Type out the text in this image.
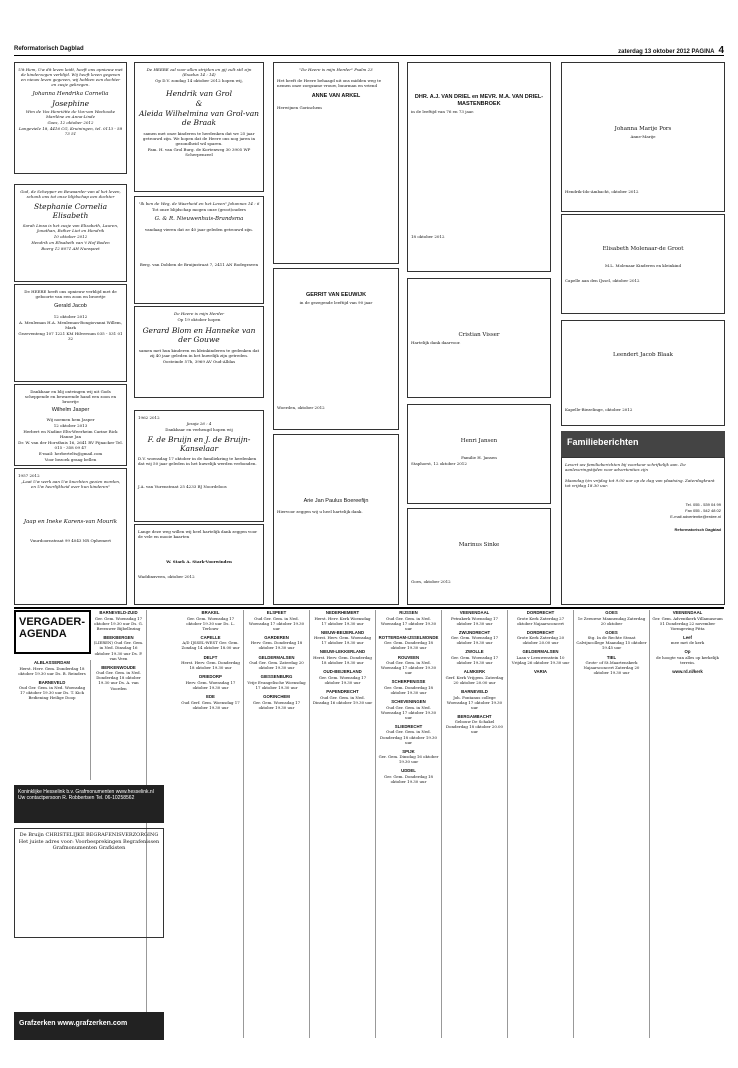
Reformatorisch Dagblad	zaterdag 13 oktober 2012 PAGINA 4

Uit Hem, Uw dit leven leidt, heeft ons opnieuw met de kinderzegen verblijd. Wij heeft leven gegeven en nieuw leven gegeven, wij hebben een dochter en zusje gekregen.

Johanna Hendrika Cornelia

Josephine

Wim de Vos Henriëtte de Vos-van Wachooke Marilène en Anna-Linde

Goes, 12 oktober 2012

Langeviele 18, 4416 CG, Kruiningen, tel. 0113 - 58 73 51

God, de Schepper en Bewaarder van al het leven, schonk ons tot onze blijdschap een dochter

Stephanie Cornelia Elisabeth

Sarah Linsa is het zusje van Elizabeth, Lauren, Jonathan, Esther Liet en Hendrik

10 oktober 2012

Hendrik en Elisabeth van 't Hof Boden

Boerg 12 8071 AH Nunspeet

De HEERE heeft ons opnieuw verblijd met de geboorte van een zoon en broertje

Gerald Jacob

12 oktober 2012

A. Meuleman H.A. Meuleman-Bongiovanni Willem, Mark

Gezeventeng 107 1221 KM Hilversum 035 - 531 01 32

Dankbaar en blij ontvingen wij uit Gods scheppende en bewarende hand een zoon en broertje

Wilhelm Jasper

Wij noemen hem Jasper

12 oktober 2013

Herbert en Nadine Elts-Weerheim Carine Rick Hanne Jan

Dr. W. van der Horsthuis 16, 2641 RV Pijnacker Tel. 015 - 358 09 47

E-mail: herbertelts@gmail.com

Voor bezoek graag bellen

1957 2012

„Laat Uw werk aan Uw knechten gezien worden, en Uw heerlijkheid over hun kinderen"

Jaap en Ineke Karens-van Mourik

Vuurdoornstraat 99 4043 NR Ophemert

De HEERE zal voor allen strijden en gij zult stil zijn (Exodus 14 : 14)

Op D.V. zondag 14 oktober 2012 hopen wij,

Hendrik van Grol

&

Aleida Wilhelmina van Grol-van de Braak

samen met onze kinderen te herdenken dat we 25 jaar getrouwd zijn. We hopen dat de Heere ons nog jaren in gezondheid wil sparen.

Fam. H. van Grol Burg. de Kortenweg 30 3905 WP Scherpenzeel

"Ik ben de Weg, de Waarheid en het Leven" Johannes 14 : 6

Tot onze blijdschap mogen onze (groot)ouders

G. & R. Nieuwenhuis-Brandsma

vandaag vieren dat ze 40 jaar geleden getrouwd zijn.

Berg. van Dobben de Bruijnstraat 7, 2411 AN Bodegraven

De Heere is mijn Herder

Op 19 oktober hopen

Gerard Blom en Hanneke van der Gouwe

samen met hun kinderen en kleinkinderen te gedenken dat zij 40 jaar geleden in het huwelijk zijn getreden.

Oosteinde 57b, 3969 AV Oud-Alblas

1962 2012

Jesaja 26 : 4

Dankbaar en verheugd hopen wij

F. de Bruijn en J. de Bruijn-Kanselaar

D.V. woensdag 17 oktober in de familiekring te herdenken dat wij 50 jaar geleden in het huwelijk werden verbonden.

J.A. van Vurenstraat 25 4233 BJ Noordeloos

Lange deze weg willen wij heel hartelijk dank zeggen voor de vele en mooie kaarten

W. Stark A. Stark-Voorwinden

Waddinxveen, oktober 2012

"De Heere is mijn Herder" Psalm 23

Het heeft de Heere behaagd uit ons midden weg te nemen onze zorgzame vrouw, buurman en vriend

ANNE VAN ARKEL

Herwijnen Gorinchem

GERRIT VAN EEUWIJK

in de gezegende leeftijd van 90 jaar

Woerden, oktober 2012

Arie Jan Paulus Boereefijn

Hiervoor zeggen wij u heel hartelijk dank.

DHR. A.J. VAN DRIEL en MEVR. M.A. VAN DRIEL-MASTENBROEK

in de leeftijd van 76 en 73 jaar.

18 oktober 2012

Cristian Visser

Hartelijk dank daarvoor.

Henri Jansen

Familie H. Jansen

Staphorst, 12 oktober 2012

Marinus Sinke

Goes, oktober 2012

Johanna Marije Pors

Anne-Marije

Hendrik-Ido-Ambacht, oktober 2012

Elisabeth Molenaar-de Groot

M.L. Molenaar Kinderen en kleinkind

Capelle aan den IJssel, oktober 2012

Leendert Jacob Blaak

Kapelle-Biezelinge, oktober 2012

Familieberichten

Levert uw familieberichten bij voorkeur schriftelijk aan. De aanleveringstijden voor advertenties zijn

Maandag t/m vrijdag tot 9.00 uur op de dag van plaatsing. Zaterdagkrant tot vrijdag 18.30 uur.

Tel. 055 - 539 04 99

Fax 055 - 542 48 02

E-mail advertentie@erdee.nl

Reformatorisch Dagblad

VERGADER-AGENDA
ALBLASSERDAM
Herst. Herv. Gem. Donderdag 18 oktober 19.30 uur Ds. B. Reinders
BARNEVELD
Oud Ger. Gem. in Ned. Woensdag 17 oktober 19.30 uur Ds. T. Kick Bediening Heilige Doop
BARNEVELD-ZUID
Ger. Gem. Woensdag 17 oktober 19.30 uur Ds. G. Breeuwer Bijbellezing
BEEKBERGEN
(LIEREN) Oud Ger. Gem. in Ned. Dinsdag 16 oktober 19.30 uur Ds. P. van Veen
BERKENWOUDE
Oud Ger. Gem. in Ned. Donderdag 18 oktober 19.30 uur Ds. A. van Voorden
BRAKEL
Ger. Gem. Woensdag 17 oktober 19.30 uur Ds. L. Terlouw
CAPELLE
A/D IJSSEL-WEST Ger. Gem. Zondag 14 oktober 18.00 uur
DELFT
Herst. Herv. Gem. Donderdag 18 oktober 19.30 uur
DRIEDORP
Herv. Gem. Woensdag 17 oktober 19.30 uur
EDE
Oud Gerf. Gem. Woensdag 17 oktober 19.30 uur
ELSPEET
Oud Ger. Gem. in Ned. Woensdag 17 oktober 19.30 uur
GARDEREN
Herv. Gem. Donderdag 18 oktober 19.30 uur
GELDERMALSEN
Oud Ger. Gem. Zaterdag 20 oktober 19.30 uur
GIESSENBURG
Vrije Evangelische Woensdag 17 oktober 19.30 uur
GORINCHEM
Ger. Gem. Woensdag 17 oktober 19.30 uur
NEDERHEMERT
Herst. Herv. Kerk Woensdag 17 oktober 19.30 uur
NIEUW-BEIJERLAND
Herst. Herv. Gem. Woensdag 17 oktober 19.30 uur
NIEUW-LEKKERLAND
Herst. Herv. Gem. Donderdag 18 oktober 19.30 uur
OUD-BEIJERLAND
Ger. Gem. Woensdag 17 oktober 19.30 uur
PAPENDRECHT
Oud Ger. Gem. in Ned. Dinsdag 16 oktober 19.30 uur
RIJSSEN
Oud Ger. Gem. in Ned. Woensdag 17 oktober 19.30 uur
ROTTERDAM-IJSSELMONDE
Ger. Gem. Donderdag 18 oktober 19.30 uur
ROUVEEN
Oud Ger. Gem. in Ned. Woensdag 17 oktober 19.30 uur
SCHERPENISSE
Ger. Gem. Donderdag 18 oktober 19.30 uur
SCHEVENINGEN
Oud Ger. Gem. in Ned. Woensdag 17 oktober 19.30 uur
SLIEDRECHT
Oud Ger. Gem. in Ned. Donderdag 18 oktober 19.30 uur
SPIJK
Ger. Gem. Dinsdag 16 oktober 19.30 uur
UDDEL
Ger. Gem. Donderdag 18 oktober 19.30 uur
VEENENDAAL
Petrakerk Woensdag 17 oktober 19.30 uur
ZWIJNDRECHT
Ger. Gem. Woensdag 17 oktober 19.30 uur
ZWOLLE
Ger. Gem. Woensdag 17 oktober 19.30 uur
ALMKERK
Gerf. Kerk Vrijgem. Zaterdag 20 oktober 20.00 uur
BARNEVELD
Joh. Fontanus college Woensdag 17 oktober 19.30 uur
BERGAMBACHT
Gebouw De Schakel Donderdag 18 oktober 20.00 uur
DORDRECHT
Grote Kerk Zaterdag 27 oktober Najaarsconcert
DORDRECHT
Grote Kerk Zaterdag 20 oktober 20.00 uur
GELDERMALSEN
Laan v Leeuwenstein 10 Vrijdag 26 oktober 19.30 uur
VARIA
GOES
1e Zeeuwse Mannendag Zaterdag 20 oktober
GOES
Stg. In de Rechte Straat Calvijncollege Maandag 15 oktober 19.45 uur
TIEL
Grote- of St.Maartenskerk Najaarsconcert Zaterdag 20 oktober 19.30 uur
VEENENDAAL
Ger. Gem. Adventkerk Villamuseum 51 Donderdag 22 november Vormgeving Pitta
Leef
mee met de kerk
Op
de hoogte van alles op kerkelijk terrein.
www.rd.nl/kerk
Koninklijke Hesselink b.v. Grafmonumenten www.hesselink.nl Uw contactpersoon R. Robbertsen Tel. 06-10258562
De Bruijn CHRISTELIJKE BEGRAFENISVERZORGING Het juiste adres voor: Voorbesprekingen Begrafenissen Grafmonumenten Grafkisten
Grafzerken www.grafzerken.com
